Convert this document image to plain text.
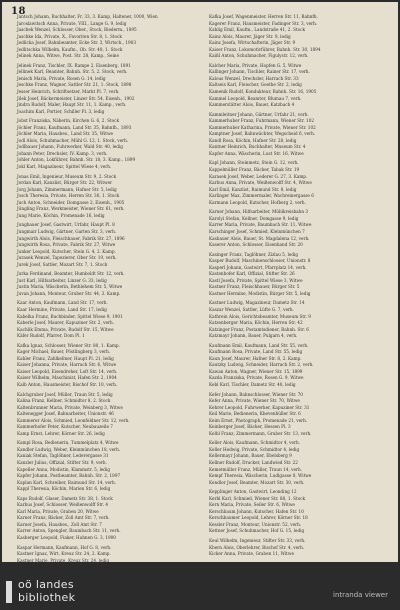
18
Jantsch Johann, Buchhalter, Fr. 33, 3. Kamp, Haltener, 1000, Wien
Jaroslawitsch Anna, Private, VIII., Lange G. 9, ledig
Jaschek Wenzel, Schlosser, Ober., Stock, Biederm., 1895
Jaschke Ida, Private, X., Favoriten Str. 8, 1. Stock
Jedlicka Josef, Bahnbeamter, Ecke Str. 3, Wirtsch., 1903
Jedlitschka Wilhelm, Kaufm., Ob. Str. 48, 1. Stock
Jelinek Anna, Witwe, Post. Str. 28, Kamp., Seine
Jelinek Franz, Tischler, IX. Rampe 2, Eisenberg, 1891
Jellinek Karl, Beamter, Bahnh. Str. 5, 2. Stock, verh.
Jenisch Maria, Private, Rosen G. 14, ledig
Jeschke Franz, Wagner, Sattler Str. 21, 1. Stock, 1898
Jesser Heinrich, Schriftsetzer, Markt Pl. 7, verh.
Jilek Josef, Bäckermeister, Linzer Str. 54, Eisenh., 1902
Jindra Rudolf, Maler, Haupt Str. 11, 1. Kamp., verh.
Joachim Karl, Portier, Schiller Pl. 3, ledig
Jobst Franziska, Näherin, Kirchen G. 6, 2. Stock
Jöchler Franz, Kaufmann, Land Str. 35, Bahnfh., 1893
Jöchler Maria, Hausbes., Land Str. 35, Witwe
Jodl Alois, Schuhmacher, Mühl G. 12, 1. Stock, verh.
Jodlbauer Johann, Fuhrwerker, Wald Str. 40, ledig
Johann Peter, Drechsler, IV. Kamp. 3, verh.
Johler Anton, Lokführer, Bahnh. Str. 18, 3. Kamp., 1899
Jokl Karl, Magazineur, Spittel Wiese 4, verh.
Jonas Emil, Ingenieur, Museum Str. 9, 2. Stock
Jordan Karl, Kanzlist, Bürger Str. 22, Witwer
Jorg Johann, Zimmermann, Hafner Str. 5, ledig
Josch Theresia, Private, Herren Str. 30, 1. Stock
Juch Anton, Schneider, Domgasse 2, Eisenh., 1905
Jüngling Franz, Werkmeister, Wiener Str. 61, verh.
Jung Marie, Köchin, Promenade 16, ledig
Jungbauer Josef, Gastwirt, Urfahr, Haupt Pl. 8
Jungmair Ludwig, Gärtner, Garten Str. 3, verh.
Jungwirth Alois, Fleischhauer, Fabrik Str. 27, 1896
Jungwirth Rosa, Private, Fabrik Str. 27, Witwe
Junker Leopold, Kutscher, Stein G. 4, 2. Kamp.
Jurasek Wenzel, Tapezierer, Ober Str. 19, verh.
Jurek Josef, Sattler, Mozart Str. 7, 1. Stock
Jurka Ferdinand, Beamter, Humboldt Str. 12, verh.
Just Karl, Hilfsarbeiter, Linzer G. 33, ledig
Justin Maria, Wäscherin, Bethlehem Str. 5, Witwe
Juvan Johann, Monteur, Gruber Str. 44, 3. Kamp.
Kaar Anton, Kaufmann, Land Str. 17, verh.
Kaar Hermine, Private, Land Str. 17, ledig
Kabelka Franz, Buchbinder, Spittel Wiese 9, 1901
Kaberle Josef, Maurer, Kapuziner Str. 2, verh.
Kachlik Emma, Private, Rudolf Str. 15, Witwe
Käfer Rudolf, Pfarrer, Dom Pl. 1
Kafka Ignaz, Schlosser, Wiener Str. 80, 1. Kamp.
Kager Michael, Bauer, Pöstlingberg 3, verh.
Kahler Franz, Zahlkellner, Haupt Pl. 21, ledig
Kaiser Johanna, Private, Harrach Str. 6, Witwe
Kaiser Leopold, Eisendreher, Loft Str. 14, verh.
Kaiser Wilhelm, Maschinist, Hafen Str. 2, 1904
Kalb Anton, Hausmeister, Bischof Str. 10, verh.
Kalchgruber Josef, Müller, Traun Str. 5, ledig
Kalina Franz, Kellner, Schmidtor 8, 2. Stock
Kaltenbrunner Maria, Private, Weinberg 3, Witwe
Kaltenegger Josef, Bahnarbeiter, Unionstr. 46
Kammerer Alois, Schmied, Leonfeldner Str. 12, verh.
Kammerhofer Peter, Kutscher, Neubauzeile 7
Kamp Ernst, Lehrer, Körner Str. 26, ledig
Kampl Rosa, Bedienerin, Tummelplatz 4, Witwe
Kandler Ludwig, Weber, Kleinmünchen 18, verh.
Kaniak Stefan, Taglöhner, Lederergasse 31
Kanzler Julius, Offizial, Stifter Str. 9, verh.
Kapeller Anna, Modistin, Klammstr. 5, ledig
Kapfer Johann, Postbeamter, Bahnh. Str. 2, 1897
Kaplan Karl, Schreiber, Raimund Str. 14, verh.
Kappl Theresia, Köchin, Marien Str. 6, ledig
Kaps Rudolf, Glaser, Dametz Str. 38, 1. Stock
Karbus Josef, Schlosser, Weißenwolff Str. 4
Karl Maria, Private, Graben 20, Witwe
Karner Franz, Bäcker, Zoll Amt Str. 7, verh.
Karner Josefa, Hausbes., Zoll Amt Str. 7
Karrer Anton, Spengler, Baumbach Str. 11, verh.
Kasberger Leopold, Fiaker, Hahnen G. 3, 1900
Kaspar Hermann, Kaufmann, Hof G. 8, verh.
Kastner Ignaz, Wirt, Kreuz Str. 24, 2. Kamp.
Kastner Marie, Private, Kreuz Str. 24, ledig
Kafka Josef, Wagenmeister, Herren Str. 11, Bahnfh.
Kagerer Franz, Hausmeister, Fadinger Str. 3, verh.
Kahlig Emil, Kaufm., Landstraße 41, 2. Stock
Kainz Alois, Maurer, Jäger Str. 9, ledig
Kainz Josefa, Wirtschafterin, Jäger Str. 9
Kaiser Franz, Lokomotivführer, Bahnh. Str. 30, 1894
Kaißl Anton, Schuhmacher, Figulystr. 12, verh.
Kalcher Maria, Private, Hopfen G. 5, Witwe
Kallinger Johann, Tischler, Rainer Str. 17, verh.
Kalous Wenzel, Drechsler, Harrach Str. 33
Kaltseis Karl, Fleischer, Goethe Str. 2, ledig
Kamenik Rudolf, Kondukteur, Bahnh. Str. 16, 1905
Kammel Leopold, Beamter, Blumau 7, verh.
Kammerstätter Alois, Bauer, Katzbach 4
Kammleitner Johann, Gärtner, Urfahr 21, verh.
Kammerhuber Franz, Fuhrmann, Wiener Str. 102
Kammerhuber Katharina, Private, Wiener Str. 102
Kamptner Josef, Bahnwächter, Wegscheid 6, verh.
Kandl Rosa, Köchin, Hafner Str. 28, ledig
Kantner Heinrich, Buchhalter, Museum Str. 4
Kapfer Anna, Wäscherin, Lust Str. 16, Witwe
Kapl Johann, Steinmetz, Stein G. 12, verh.
Kappelmüller Franz, Bäcker, Tabak Str. 19
Karasek Josef, Weber, Lederer G. 27, 3. Kamp.
Karbus Anna, Private, Weißenwolff Str. 4, Witwe
Karl Emil, Kanzlist, Raimund Str. 8, ledig
Karlinger Max, Zimmermaler, Wachreinergasse 6
Karmann Leopold, Kutscher, Hofberg 2, verh.
Karner Johann, Hilfsarbeiter, Mühlkreisbahn 3
Karolyi Stefan, Kellner, Domgasse 9, ledig
Karrer Maria, Private, Baumbach Str. 11, Witwe
Karschinger Josef, Schmied, Kleinmünchen 7
Kasbauer Alois, Bauer, St. Magdalena 12, verh.
Kaserer Anton, Schlosser, Eisenhand Str. 20
Kasinger Franz, Taglöhner, Zizlau 5, ledig
Kasper Rudolf, Maschinenschlosser, Unionstr. 8
Kasperl Johann, Gastwirt, Pfarrplatz 14, verh.
Kastenhofer Karl, Offizial, Stifter Str. 26
Kastl Josefa, Private, Spittel Wiese 3, Witwe
Kastner Franz, Fleischhauer, Bürger Str. 5
Kastner Hermine, Modistin, Bürger Str. 5, ledig
Kastner Ludwig, Magazineur, Dametz Str. 14
Kaszar Wenzel, Sattler, Lüfte G. 7, verh.
Kathrein Alois, Gerichtsbeamter, Museum Str. 9
Katzenberger Maria, Köchin, Herren Str. 42
Katzinger Franz, Postamtsdiener, Bahnh. Str. 6
Katzmayr Johann, Bauer, Pulgarn 4, verh.
Kaufmann Emil, Kaufmann, Land Str. 55, verh.
Kaufmann Rosa, Private, Land Str. 55, ledig
Kaun Josef, Maurer, Hafner Str. 8, 2. Kamp.
Kautzky Ludwig, Schneider, Harrach Str. 2, verh.
Kawan Anton, Wagner, Wiener Str. 15, 1899
Kazda Franziska, Private, Rosen G. 9, Witwe
Kebl Karl, Tischler, Dametz Str. 40, ledig
Kefer Johann, Bahnschlosser, Wiener Str. 70
Kefer Anna, Private, Wiener Str. 70, Witwe
Kehrer Leopold, Fuhrwerker, Kapuziner Str. 31
Keil Marie, Bedienerin, Khevenhüller Str. 6
Keim Ernst, Photograph, Promenade 21, verh.
Keinberger Josef, Bäcker, Hessen Pl. 3
Kelbl Franz, Zimmermann, Gruber Str. 13, verh.
Keller Alois, Kaufmann, Schmidtor 4, verh.
Keller Hedwig, Private, Schmidtor 4, ledig
Kellermayr Johann, Bauer, Ebelsberg 9
Kellner Rudolf, Drucker, Landwied Str. 22
Kemetmüller Franz, Müller, Traun 14, verh.
Kempf Theresia, Wäscherin, Ludlgasse 8, Witwe
Kendler Josef, Beamter, Mozart Str. 30, verh.
Kepplinger Anton, Gastwirt, Leonding 12
Kerbl Karl, Schmied, Wiener Str. 88, 1. Stock
Kern Maria, Private, Seiler Str. 6, Witwe
Kerschbaum Johann, Kutscher, Hafen Str. 10
Kerschbaumer Leopold, Lehrer, Körner Str. 18
Kessler Franz, Monteur, Unionstr. 52, verh.
Kettner Josef, Schuhmacher, Hof G. 15, ledig
Keul Wilhelm, Ingenieur, Stifter Str. 33, verh.
Khern Alois, Oberlehrer, Bischof Str. 4, verh.
Kicker Anna, Private, Graben 11, Witwe
oö landes
bibliothek	intranda viewer
